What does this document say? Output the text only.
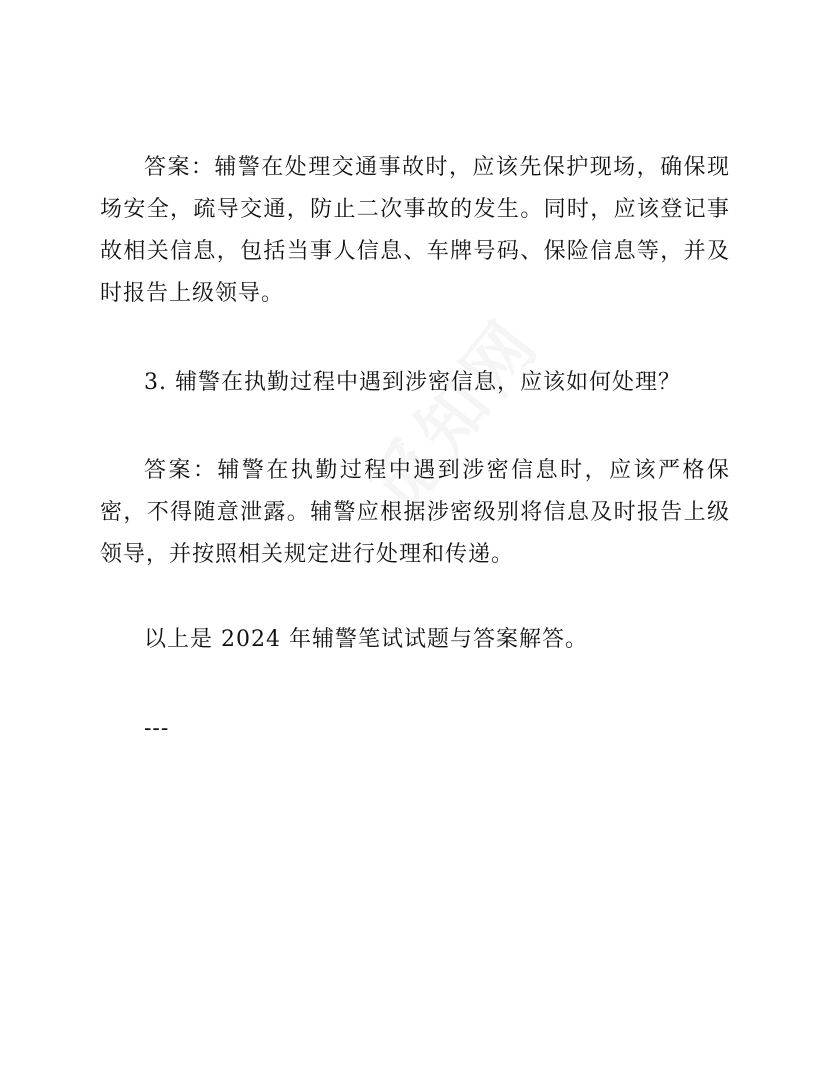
答案：辅警在处理交通事故时，应该先保护现场，确保现场安全，疏导交通，防止二次事故的发生。同时，应该登记事故相关信息，包括当事人信息、车牌号码、保险信息等，并及时报告上级领导。

3. 辅警在执勤过程中遇到涉密信息，应该如何处理？

答案：辅警在执勤过程中遇到涉密信息时，应该严格保密，不得随意泄露。辅警应根据涉密级别将信息及时报告上级领导，并按照相关规定进行处理和传递。

以上是 2024 年辅警笔试试题与答案解答。

---
